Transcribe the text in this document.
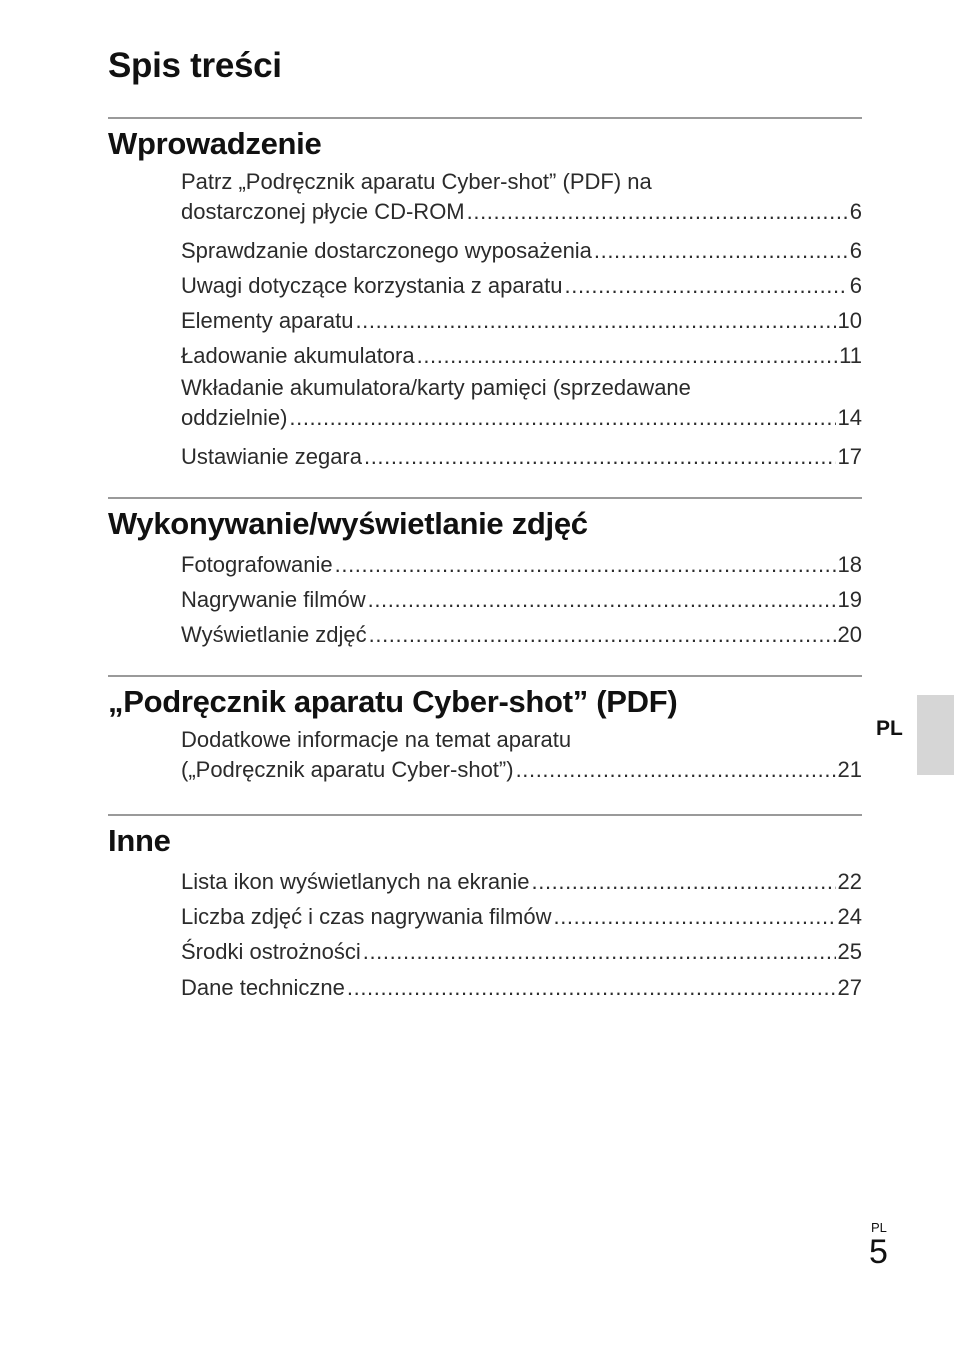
Spis treści
Wprowadzenie
Patrz „Podręcznik aparatu Cyber-shot” (PDF) na
dostarczonej płycie CD-ROM .....	6
Sprawdzanie dostarczonego wyposażenia .....	6
Uwagi dotyczące korzystania z aparatu .....	6
Elementy aparatu .....	10
Ładowanie akumulatora .....	11
Wkładanie akumulatora/karty pamięci (sprzedawane
oddzielnie) .....	14
Ustawianie zegara .....	17
Wykonywanie/wyświetlanie zdjęć
Fotografowanie .....	18
Nagrywanie filmów .....	19
Wyświetlanie zdjęć .....	20
„Podręcznik aparatu Cyber-shot” (PDF)
Dodatkowe informacje na temat aparatu
(„Podręcznik aparatu Cyber-shot”) .....	21
Inne
Lista ikon wyświetlanych na ekranie .....	22
Liczba zdjęć i czas nagrywania filmów .....	24
Środki ostrożności .....	25
Dane techniczne .....	27
PL
PL
5
